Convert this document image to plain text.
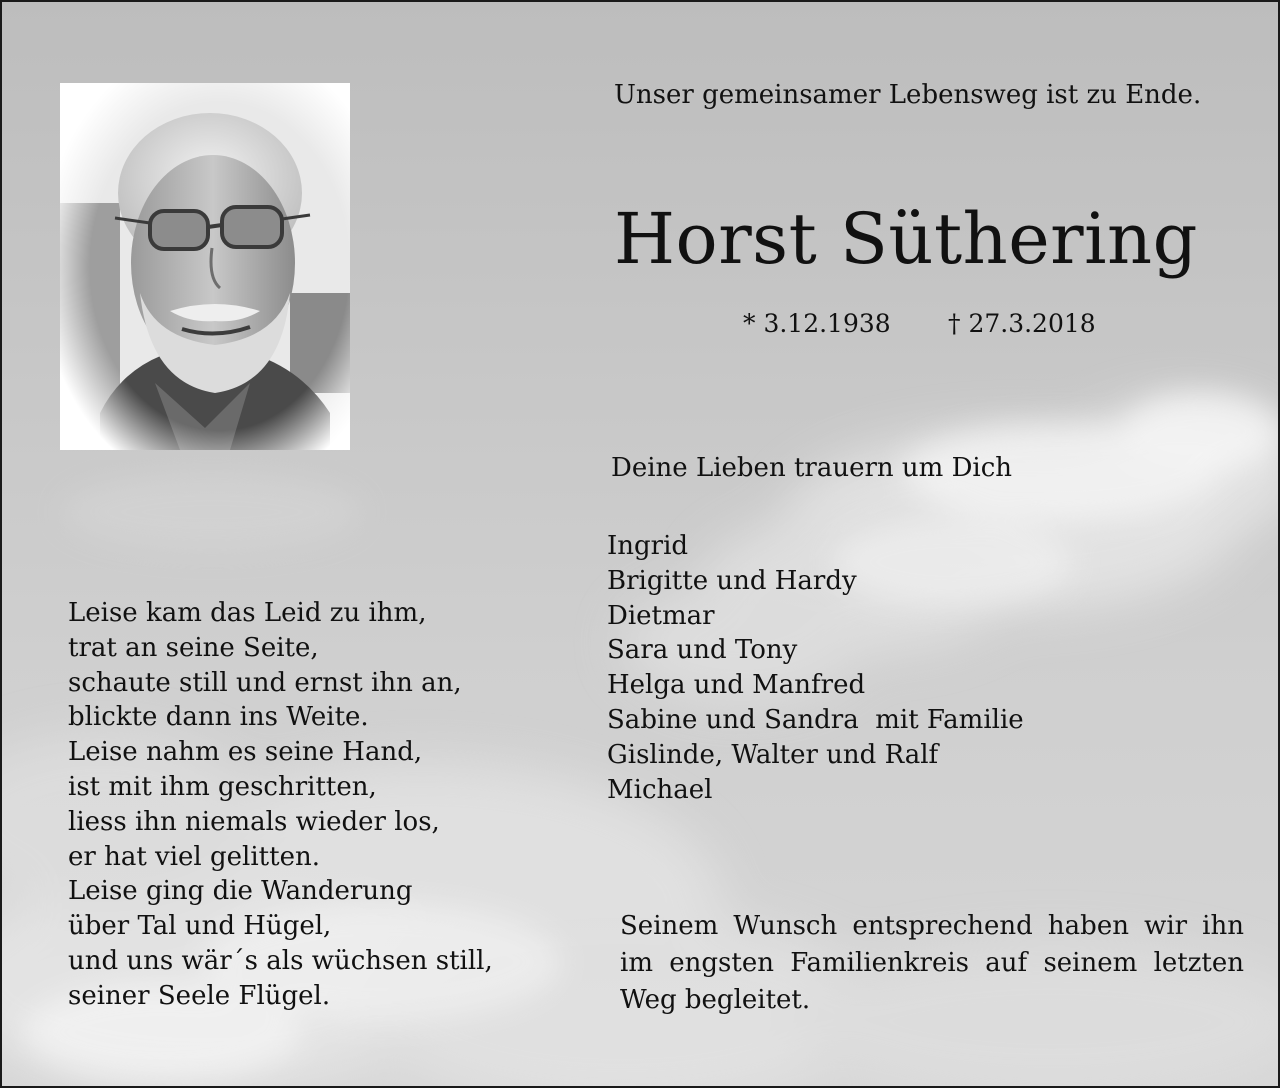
Unser gemeinsamer Lebensweg ist zu Ende.

Horst Süthering
* 3.12.1938 † 27.3.2018

Deine Lieben trauern um Dich

Ingrid
Brigitte und Hardy
Dietmar
Sara und Tony
Helga und Manfred
Sabine und Sandra  mit Familie
Gislinde, Walter und Ralf
Michael
Leise kam das Leid zu ihm,
trat an seine Seite,
schaute still und ernst ihn an,
blickte dann ins Weite.
Leise nahm es seine Hand,
ist mit ihm geschritten,
liess ihn niemals wieder los,
er hat viel gelitten.
Leise ging die Wanderung
über Tal und Hügel,
und uns wär´s als wüchsen still,
seiner Seele Flügel.

Seinem Wunsch entsprechend haben wir ihn im engsten Familienkreis auf seinem letzten Weg begleitet.
